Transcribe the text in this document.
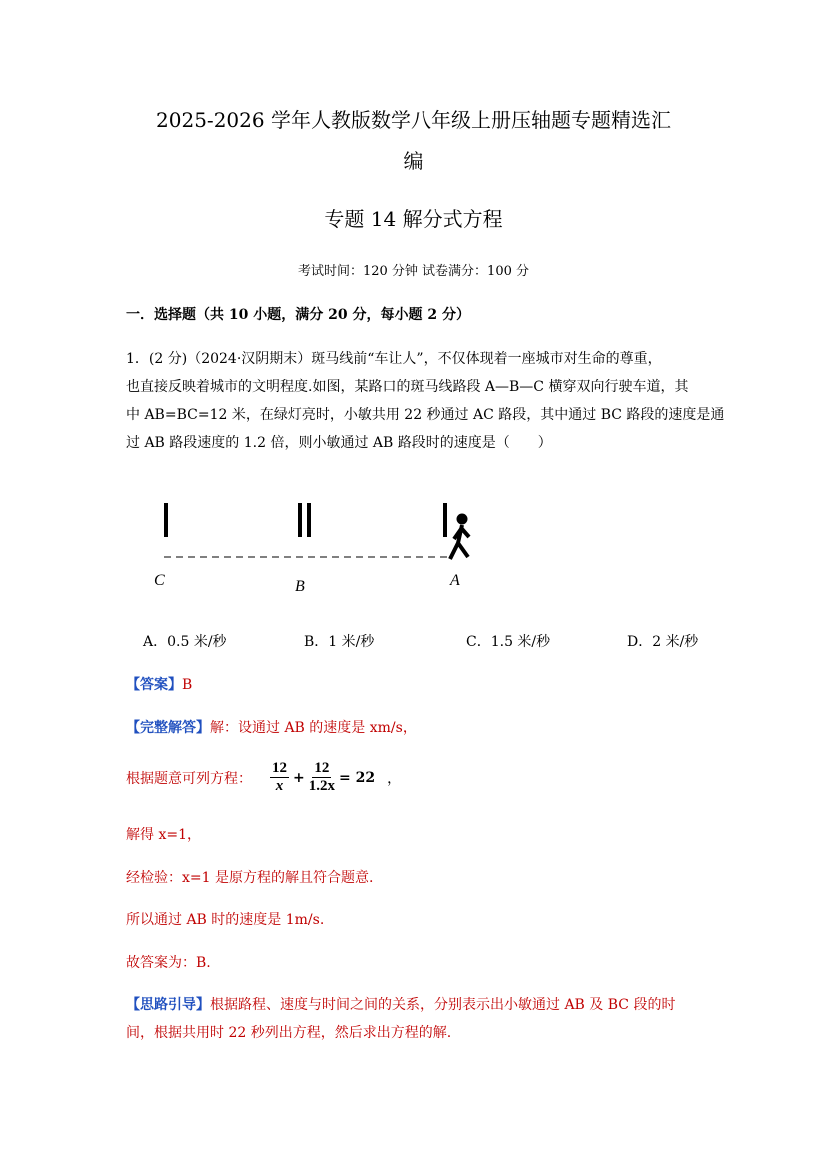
2025-2026 学年人教版数学八年级上册压轴题专题精选汇
编
专题 14 解分式方程
考试时间：120 分钟 试卷满分：100 分
一．选择题（共 10 小题，满分 20 分，每小题 2 分）
1．(2 分)（2024·汉阴期末）斑马线前“车让人”，不仅体现着一座城市对生命的尊重，
也直接反映着城市的文明程度.如图，某路口的斑马线路段 A—B—C 横穿双向行驶车道，其
中 AB=BC=12 米，在绿灯亮时，小敏共用 22 秒通过 AC 路段，其中通过 BC 路段的速度是通
过 AB 路段速度的 1.2 倍，则小敏通过 AB 路段时的速度是（　　）
C	B	A
A．0.5 米/秒	B．1 米/秒	C．1.5 米/秒	D．2 米/秒
【答案】B
【完整解答】解：设通过 AB 的速度是 xm/s，
根据题意可列方程： $\frac{12}{x} + \frac{12}{1.2x} = 22$ ，
解得 x=1，
经检验：x=1 是原方程的解且符合题意.
所以通过 AB 时的速度是 1m/s.
故答案为：B.
【思路引导】根据路程、速度与时间之间的关系，分别表示出小敏通过 AB 及 BC 段的时
间，根据共用时 22 秒列出方程，然后求出方程的解.
